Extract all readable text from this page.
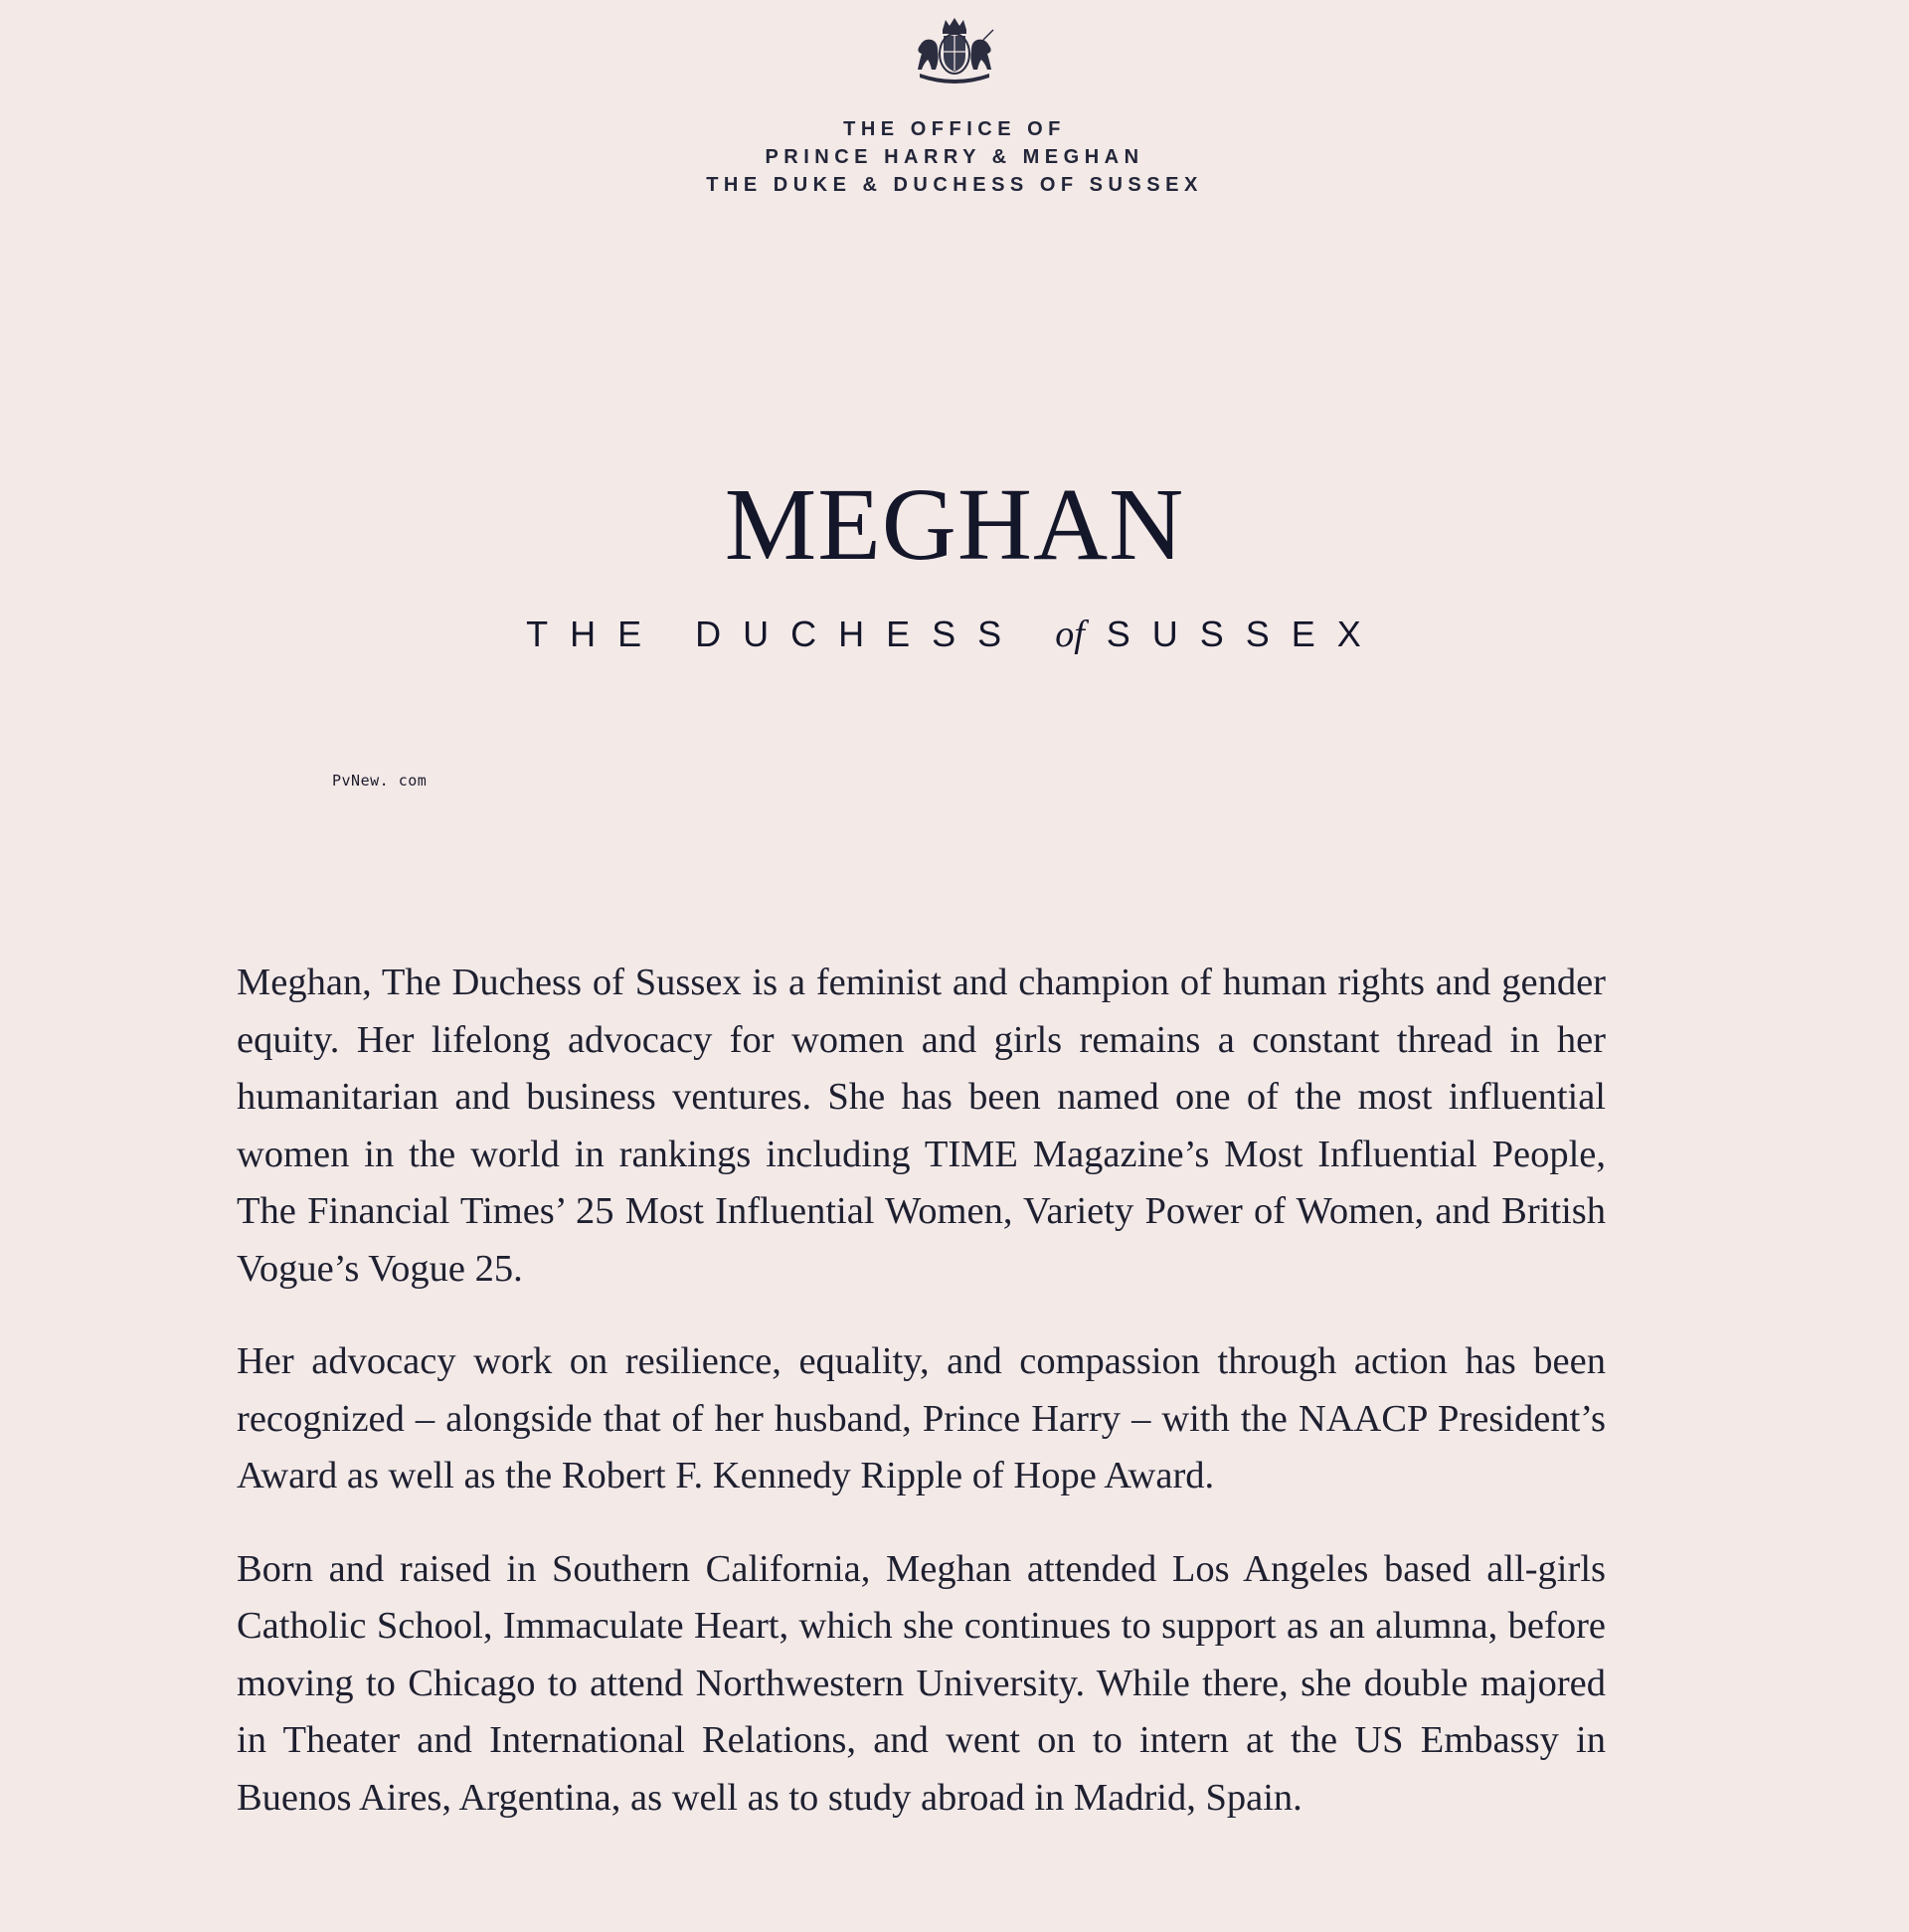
THE OFFICE OF
PRINCE HARRY & MEGHAN
THE DUKE & DUCHESS OF SUSSEX
MEGHAN
THE DUCHESS of SUSSEX
PvNew. com

Meghan, The Duchess of Sussex is a feminist and champion of human rights and gender equity. Her lifelong advocacy for women and girls remains a constant thread in her humanitarian and business ventures. She has been named one of the most influential women in the world in rankings including TIME Magazine’s Most Influential People, The Financial Times’ 25 Most Influential Women, Variety Power of Women, and British Vogue’s Vogue 25.

Her advocacy work on resilience, equality, and compassion through action has been recognized – alongside that of her husband, Prince Harry – with the NAACP President’s Award as well as the Robert F. Kennedy Ripple of Hope Award.

Born and raised in Southern California, Meghan attended Los Angeles based all-girls Catholic School, Immaculate Heart, which she continues to support as an alumna, before moving to Chicago to attend Northwestern University. While there, she double majored in Theater and International Relations, and went on to intern at the US Embassy in Buenos Aires, Argentina, as well as to study abroad in Madrid, Spain.
